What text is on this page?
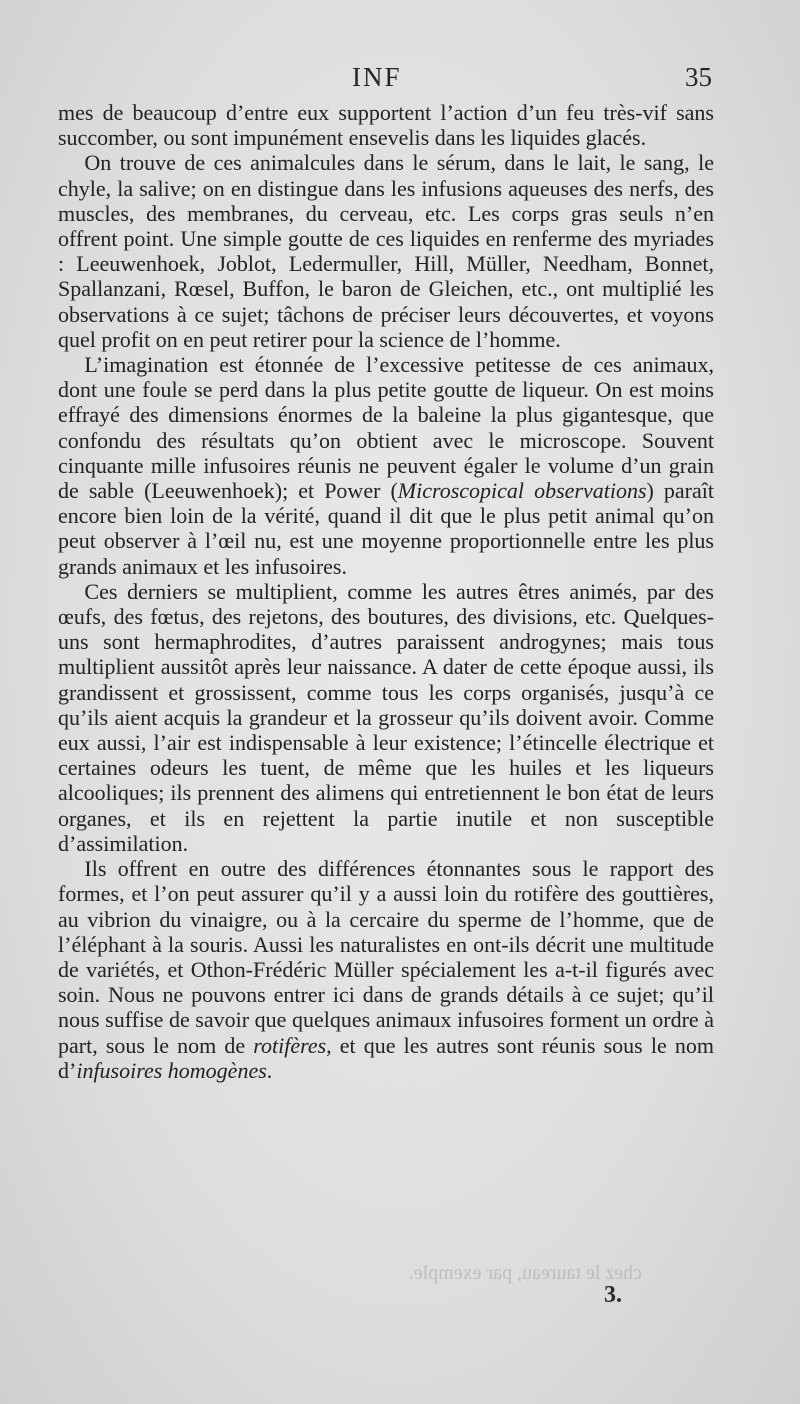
INF	35

mes de beaucoup d’entre eux supportent l’action d’un feu très-vif sans succomber, ou sont impunément ensevelis dans les liquides glacés.

On trouve de ces animalcules dans le sérum, dans le lait, le sang, le chyle, la salive; on en distingue dans les infusions aqueuses des nerfs, des muscles, des membranes, du cerveau, etc. Les corps gras seuls n’en offrent point. Une simple goutte de ces liquides en renferme des myriades : Leeuwenhoek, Joblot, Ledermuller, Hill, Müller, Needham, Bonnet, Spallanzani, Rœsel, Buffon, le baron de Gleichen, etc., ont multiplié les observations à ce sujet; tâchons de préciser leurs découvertes, et voyons quel profit on en peut retirer pour la science de l’homme.

L’imagination est étonnée de l’excessive petitesse de ces animaux, dont une foule se perd dans la plus petite goutte de liqueur. On est moins effrayé des dimensions énormes de la baleine la plus gigantesque, que confondu des résultats qu’on obtient avec le microscope. Souvent cinquante mille infusoires réunis ne peuvent égaler le volume d’un grain de sable (Leeuwenhoek); et Power (Microscopical observations) paraît encore bien loin de la vérité, quand il dit que le plus petit animal qu’on peut observer à l’œil nu, est une moyenne proportionnelle entre les plus grands animaux et les infusoires.

Ces derniers se multiplient, comme les autres êtres animés, par des œufs, des fœtus, des rejetons, des boutures, des divisions, etc. Quelques-uns sont hermaphrodites, d’autres paraissent androgynes; mais tous multiplient aussitôt après leur naissance. A dater de cette époque aussi, ils grandissent et grossissent, comme tous les corps organisés, jusqu’à ce qu’ils aient acquis la grandeur et la grosseur qu’ils doivent avoir. Comme eux aussi, l’air est indispensable à leur existence; l’étincelle électrique et certaines odeurs les tuent, de même que les huiles et les liqueurs alcooliques; ils prennent des alimens qui entretiennent le bon état de leurs organes, et ils en rejettent la partie inutile et non susceptible d’assimilation.

Ils offrent en outre des différences étonnantes sous le rapport des formes, et l’on peut assurer qu’il y a aussi loin du rotifère des gouttières, au vibrion du vinaigre, ou à la cercaire du sperme de l’homme, que de l’éléphant à la souris. Aussi les naturalistes en ont-ils décrit une multitude de variétés, et Othon-Frédéric Müller spécialement les a-t-il figurés avec soin. Nous ne pouvons entrer ici dans de grands détails à ce sujet; qu’il nous suffise de savoir que quelques animaux infusoires forment un ordre à part, sous le nom de rotifères, et que les autres sont réunis sous le nom d’infusoires homogènes.

chez le taureau, par exemple.
3.
